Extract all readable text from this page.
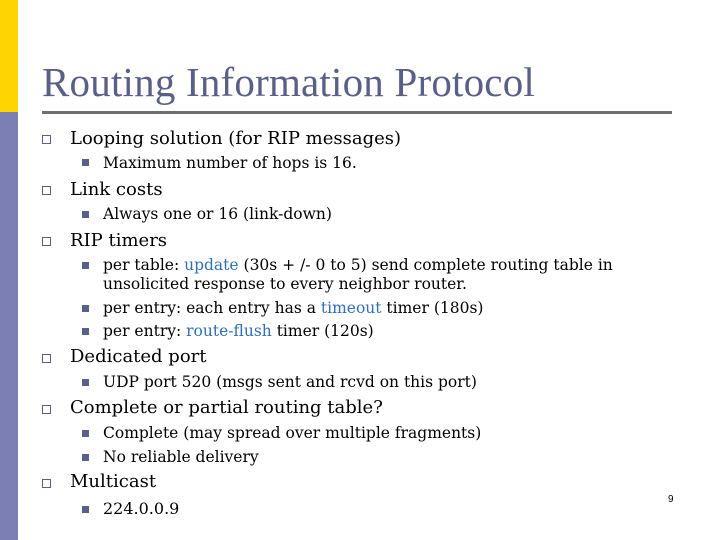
Routing Information Protocol
Looping solution (for RIP messages)
Maximum number of hops is 16.
Link costs
Always one or 16 (link-down)
RIP timers
per table: update (30s + /- 0 to 5) send complete routing table in
unsolicited response to every neighbor router.
per entry: each entry has a timeout timer (180s)
per entry: route-flush timer (120s)
Dedicated port
UDP port 520 (msgs sent and rcvd on this port)
Complete or partial routing table?
Complete (may spread over multiple fragments)
No reliable delivery
Multicast
224.0.0.9	9
